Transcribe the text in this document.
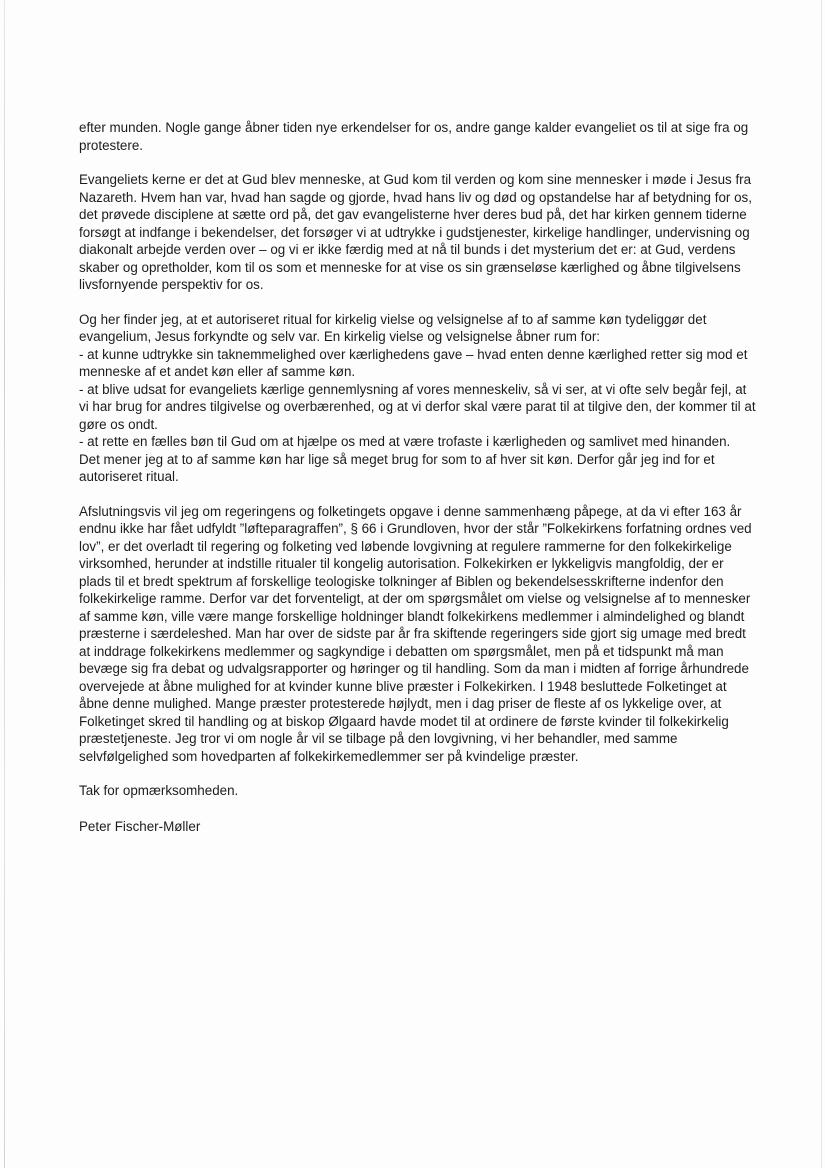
efter munden. Nogle gange åbner tiden nye erkendelser for os, andre gange kalder evangeliet os til at sige fra og protestere.

Evangeliets kerne er det at Gud blev menneske, at Gud kom til verden og kom sine mennesker i møde i Jesus fra Nazareth. Hvem han var, hvad han sagde og gjorde, hvad hans liv og død og opstandelse har af betydning for os, det prøvede disciplene at sætte ord på, det gav evangelisterne hver deres bud på, det har kirken gennem tiderne forsøgt at indfange i bekendelser, det forsøger vi at udtrykke i gudstjenester, kirkelige handlinger, undervisning og diakonalt arbejde verden over – og vi er ikke færdig med at nå til bunds i det mysterium det er: at Gud, verdens skaber og opretholder, kom til os som et menneske for at vise os sin grænseløse kærlighed og åbne tilgivelsens livsfornyende perspektiv for os.

Og her finder jeg, at et autoriseret ritual for kirkelig vielse og velsignelse af to af samme køn tydeliggør det evangelium, Jesus forkyndte og selv var. En kirkelig vielse og velsignelse åbner rum for:

- at kunne udtrykke sin taknemmelighed over kærlighedens gave – hvad enten denne kærlighed retter sig mod et menneske af et andet køn eller af samme køn.

- at blive udsat for evangeliets kærlige gennemlysning af vores menneskeliv, så vi ser, at vi ofte selv begår fejl, at vi har brug for andres tilgivelse og overbærenhed, og at vi derfor skal være parat til at tilgive den, der kommer til at gøre os ondt.

- at rette en fælles bøn til Gud om at hjælpe os med at være trofaste i kærligheden og samlivet med hinanden.

Det mener jeg at to af samme køn har lige så meget brug for som to af hver sit køn. Derfor går jeg ind for et autoriseret ritual.

Afslutningsvis vil jeg om regeringens og folketingets opgave i denne sammenhæng påpege, at da vi efter 163 år endnu ikke har fået udfyldt ”løfteparagraffen”, § 66 i Grundloven, hvor der står ”Folkekirkens forfatning ordnes ved lov”, er det overladt til regering og folketing ved løbende lovgivning at regulere rammerne for den folkekirkelige virksomhed, herunder at indstille ritualer til kongelig autorisation. Folkekirken er lykkeligvis mangfoldig, der er plads til et bredt spektrum af forskellige teologiske tolkninger af Biblen og bekendelsesskrifterne indenfor den folkekirkelige ramme. Derfor var det forventeligt, at der om spørgsmålet om vielse og velsignelse af to mennesker af samme køn, ville være mange forskellige holdninger blandt folkekirkens medlemmer i almindelighed og blandt præsterne i særdeleshed. Man har over de sidste par år fra skiftende regeringers side gjort sig umage med bredt at inddrage folkekirkens medlemmer og sagkyndige i debatten om spørgsmålet, men på et tidspunkt må man bevæge sig fra debat og udvalgsrapporter og høringer og til handling. Som da man i midten af forrige århundrede overvejede at åbne mulighed for at kvinder kunne blive præster i Folkekirken. I 1948 besluttede Folketinget at åbne denne mulighed. Mange præster protesterede højlydt, men i dag priser de fleste af os lykkelige over, at Folketinget skred til handling og at biskop Ølgaard havde modet til at ordinere de første kvinder til folkekirkelig præstetjeneste. Jeg tror vi om nogle år vil se tilbage på den lovgivning, vi her behandler, med samme selvfølgelighed som hovedparten af folkekirkemedlemmer ser på kvindelige præster.

Tak for opmærksomheden.

Peter Fischer-Møller
